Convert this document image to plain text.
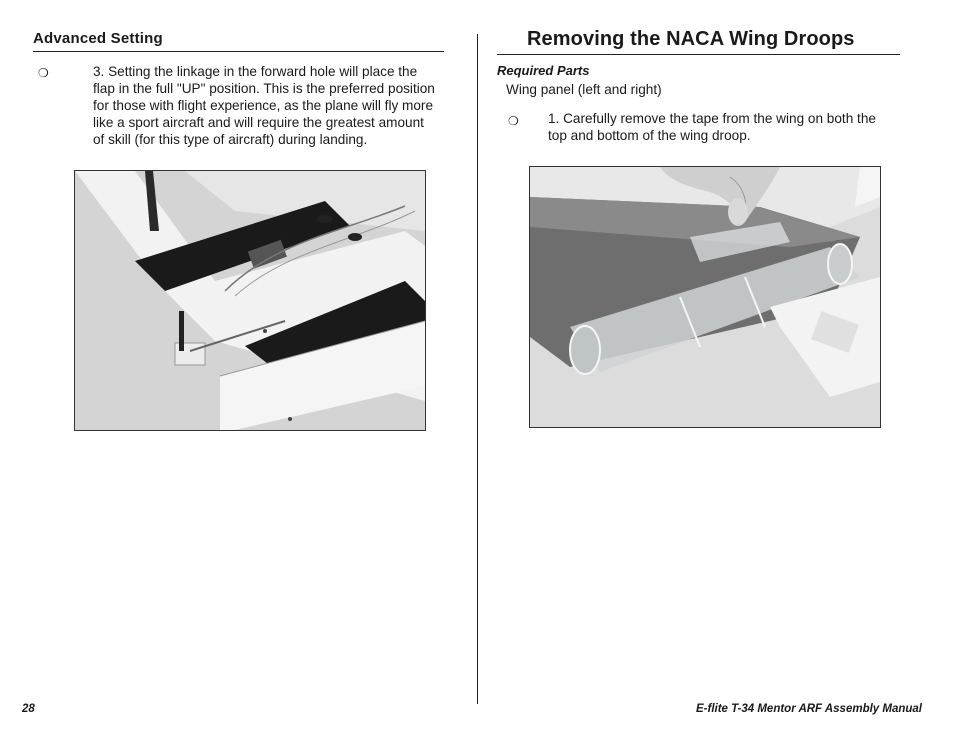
Advanced Setting
❍	3. Setting the linkage in the forward hole will place the
flap in the full "UP" position. This is the preferred position
for those with flight experience, as the plane will fly more
like a sport aircraft and will require the greatest amount
of skill (for this type of aircraft) during landing.
Removing the NACA Wing Droops
Required Parts
Wing panel (left and right)
❍ 1. Carefully remove the tape from the wing on both the
top and bottom of the wing droop.
28	E-flite T-34 Mentor ARF Assembly Manual
